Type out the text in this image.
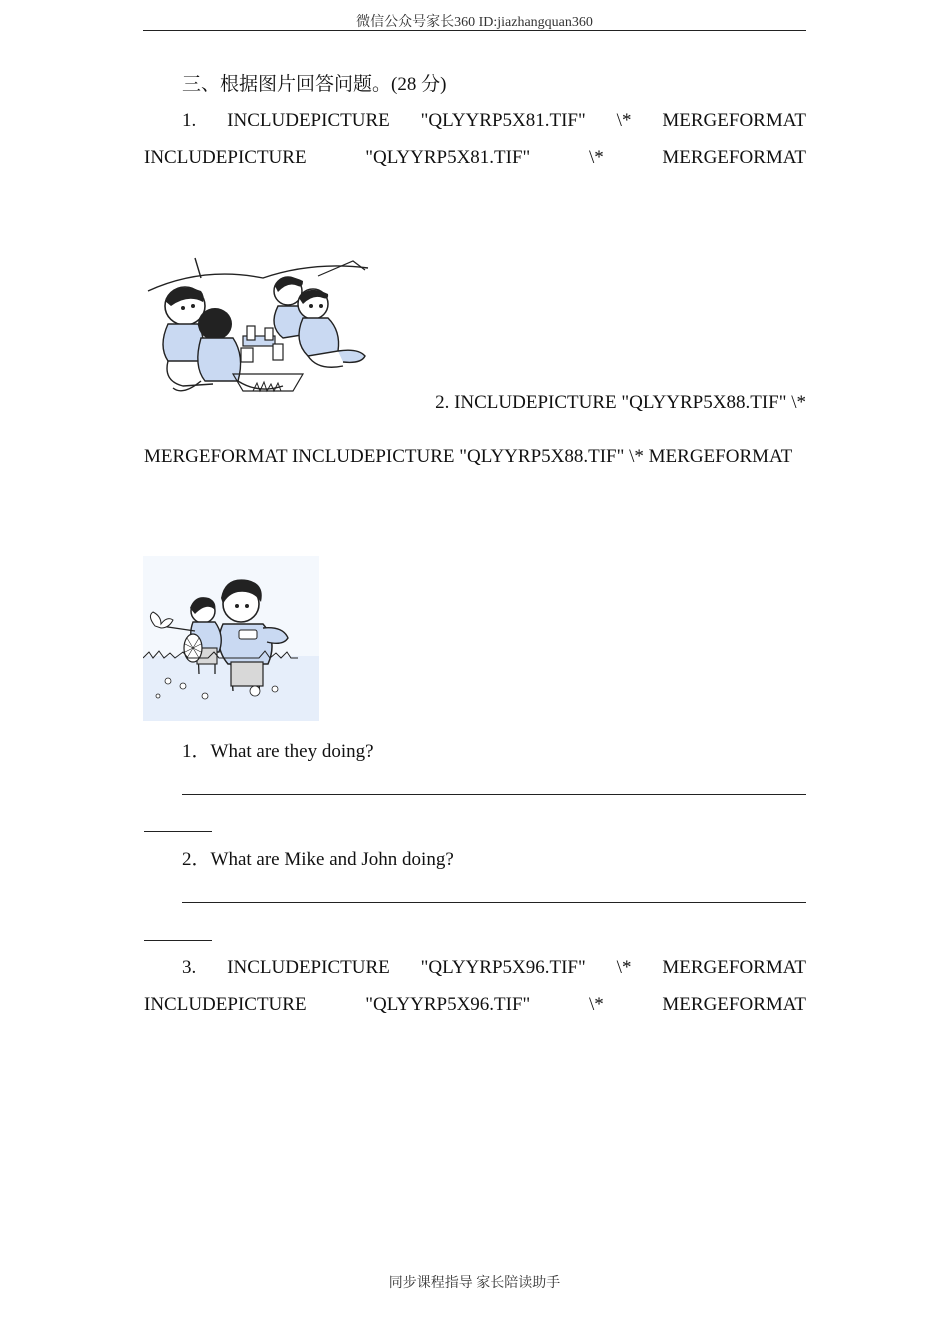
微信公众号家长360 ID:jiazhangquan360
三、根据图片回答问题。(28 分)
1. INCLUDEPICTURE "QLYYRP5X81.TIF" \* MERGEFORMAT
INCLUDEPICTURE	"QLYYRP5X81.TIF"	\*	MERGEFORMAT
2. INCLUDEPICTURE "QLYYRP5X88.TIF" \*
MERGEFORMAT INCLUDEPICTURE "QLYYRP5X88.TIF" \* MERGEFORMAT
1．What are they doing?
2．What are Mike and John doing?
3. INCLUDEPICTURE "QLYYRP5X96.TIF" \* MERGEFORMAT
INCLUDEPICTURE	"QLYYRP5X96.TIF"	\*	MERGEFORMAT
同步课程指导 家长陪读助手
